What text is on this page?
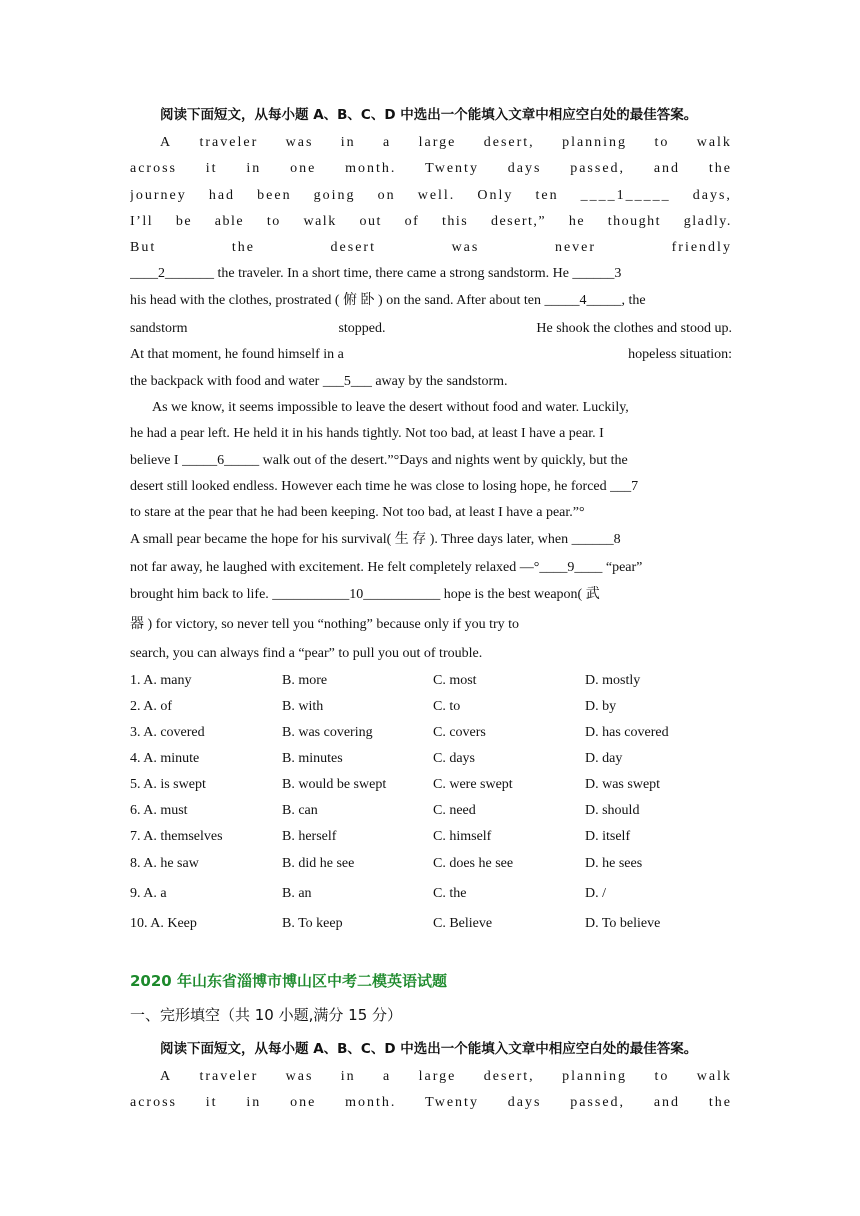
阅读下面短文，从每小题 A、B、C、D 中选出一个能填入文章中相应空白处的最佳答案。
A traveler was in a large desert, planning to walk
across it in one month. Twenty days passed, and the
journey had been going on well. Only ten ____1_____ days,
I’ll be able to walk out of this desert,” he thought gladly.
But	the	desert	was	never	friendly
____2_______ the traveler. In a short time, there came a strong sandstorm. He ______3
his head with the clothes, prostrated ( 俯 卧 ) on the sand. After about ten _____4_____, the
sandstorm	stopped.	He shook the clothes and stood up.
At that moment, he found himself in a	hopeless situation:
the backpack with food and water ___5___ away by the sandstorm.
As we know, it seems impossible to leave the desert without food and water. Luckily,
he had a pear left. He held it in his hands tightly. Not too bad, at least I have a pear. I
believe I _____6_____ walk out of the desert.”°Days and nights went by quickly, but the
desert still looked endless. However each time he was close to losing hope, he forced ___7
to stare at the pear that he had been keeping. Not too bad, at least I have a pear.”°
A small pear became the hope for his survival( 生 存 ). Three days later, when ______8
not far away, he laughed with excitement. He felt completely relaxed —°____9____ “pear”
brought him back to life. ___________10___________ hope is the best weapon( 武
器 ) for victory, so never tell you “nothing” because only if you try to
search, you can always find a “pear” to pull you out of trouble.
1. A. many	B. more	C. most	D. mostly
2. A. of	B. with	C. to	D. by
3. A. covered	B. was covering	C. covers	D. has covered
4. A. minute	B. minutes	C. days	D. day
5. A. is swept	B. would be swept	C. were swept	D. was swept
6. A. must	B. can	C. need	D. should
7. A. themselves	B. herself	C. himself	D. itself
8. A. he saw	B. did he see	C. does he see	D. he sees
9. A. a	B. an	C. the	D. /
10. A. Keep	B. To keep	C. Believe	D. To believe
2020 年山东省淄博市博山区中考二模英语试题
一、完形填空（共 10 小题,满分 15 分）
阅读下面短文，从每小题 A、B、C、D 中选出一个能填入文章中相应空白处的最佳答案。
A traveler was in a large desert, planning to walk
across it in one month. Twenty days passed, and the
